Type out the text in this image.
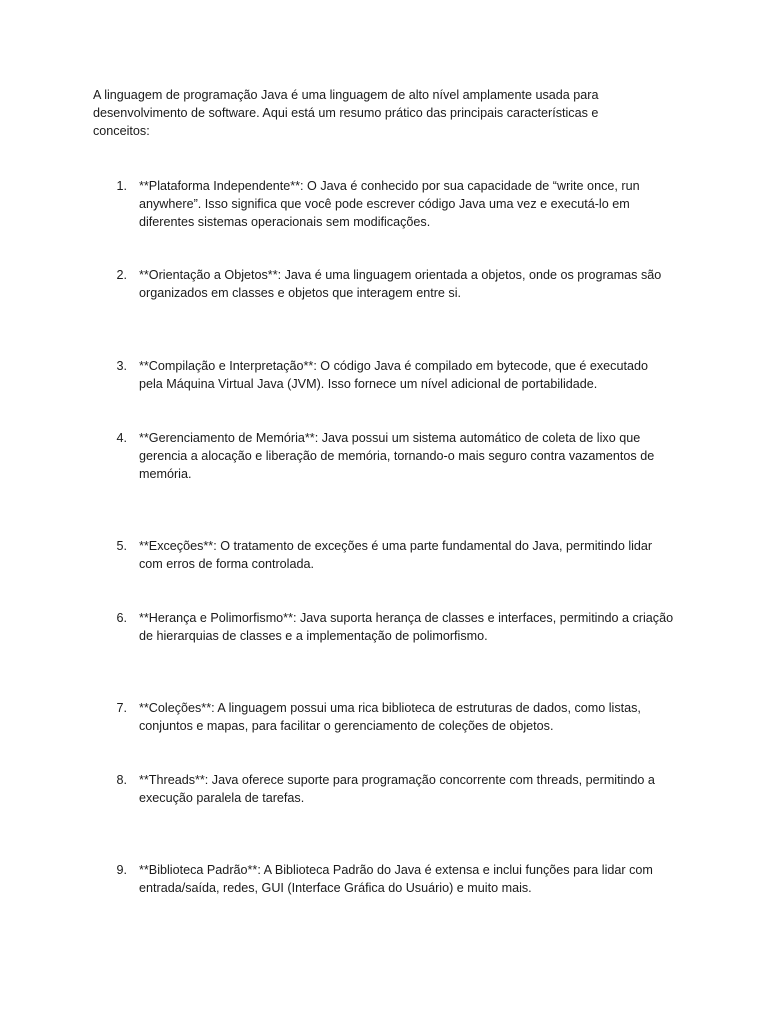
A linguagem de programação Java é uma linguagem de alto nível amplamente usada para desenvolvimento de software. Aqui está um resumo prático das principais características e conceitos:

1. **Plataforma Independente**: O Java é conhecido por sua capacidade de “write once, run anywhere”. Isso significa que você pode escrever código Java uma vez e executá-lo em diferentes sistemas operacionais sem modificações.
2. **Orientação a Objetos**: Java é uma linguagem orientada a objetos, onde os programas são organizados em classes e objetos que interagem entre si.
3. **Compilação e Interpretação**: O código Java é compilado em bytecode, que é executado pela Máquina Virtual Java (JVM). Isso fornece um nível adicional de portabilidade.
4. **Gerenciamento de Memória**: Java possui um sistema automático de coleta de lixo que gerencia a alocação e liberação de memória, tornando-o mais seguro contra vazamentos de memória.
5. **Exceções**: O tratamento de exceções é uma parte fundamental do Java, permitindo lidar com erros de forma controlada.
6. **Herança e Polimorfismo**: Java suporta herança de classes e interfaces, permitindo a criação de hierarquias de classes e a implementação de polimorfismo.
7. **Coleções**: A linguagem possui uma rica biblioteca de estruturas de dados, como listas, conjuntos e mapas, para facilitar o gerenciamento de coleções de objetos.
8. **Threads**: Java oferece suporte para programação concorrente com threads, permitindo a execução paralela de tarefas.
9. **Biblioteca Padrão**: A Biblioteca Padrão do Java é extensa e inclui funções para lidar com entrada/saída, redes, GUI (Interface Gráfica do Usuário) e muito mais.
